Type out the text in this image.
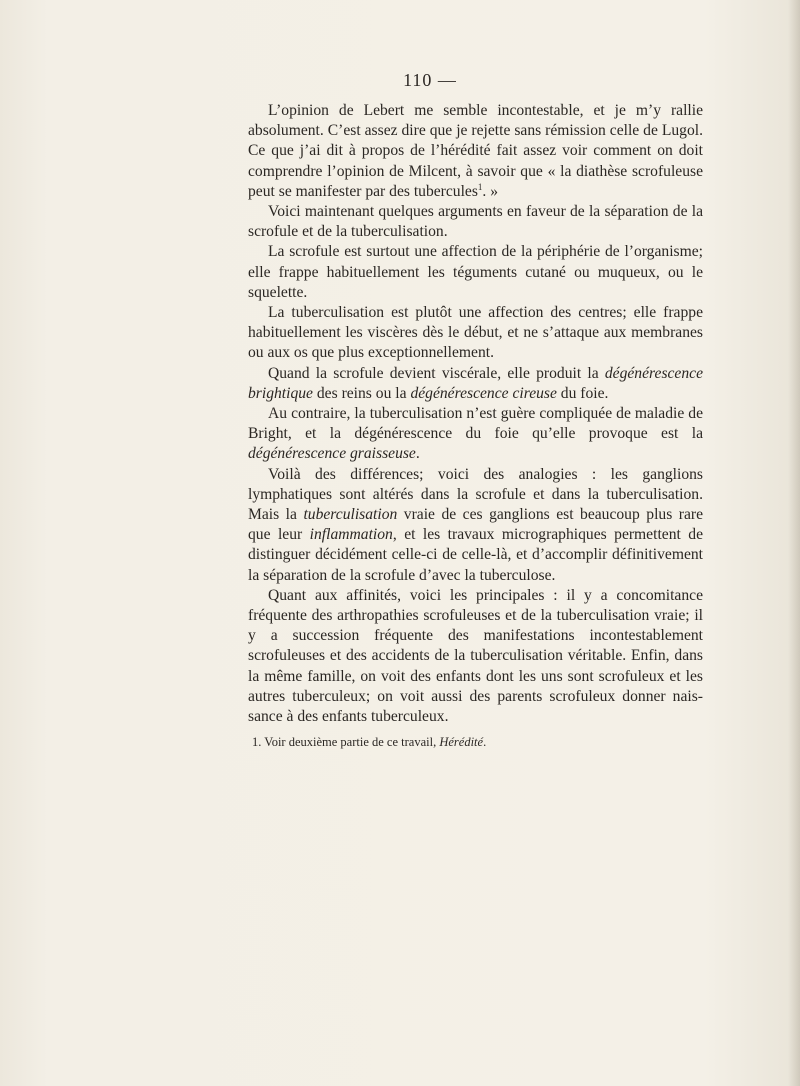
110 —

L’opinion de Lebert me semble incontestable, et je m’y rallie absolument. C’est assez dire que je rejette sans rémission celle de Lugol. Ce que j’ai dit à propos de l’hérédité fait assez voir comment on doit comprendre l’opinion de Milcent, à savoir que « la diathèse scrofuleuse peut se manifester par des tubercules$^1$. »

Voici maintenant quelques arguments en faveur de la séparation de la scrofule et de la tuberculisation.

La scrofule est surtout une affection de la périphérie de l’organisme; elle frappe habituellement les téguments cutané ou muqueux, ou le squelette.

La tuberculisation est plutôt une affection des centres; elle frappe habituellement les viscères dès le début, et ne s’attaque aux membranes ou aux os que plus exceptionnellement.

Quand la scrofule devient viscérale, elle produit la dégénérescence brightique des reins ou la dégénérescence cireuse du foie.

Au contraire, la tuberculisation n’est guère compliquée de maladie de Bright, et la dégénérescence du foie qu’elle provoque est la dégénérescence graisseuse.

Voilà des différences; voici des analogies : les ganglions lymphatiques sont altérés dans la scrofule et dans la tuberculisation. Mais la tuberculisation vraie de ces ganglions est beaucoup plus rare que leur inflammation, et les travaux micrographiques permettent de distinguer décidément celle-ci de celle-là, et d’accomplir définitivement la séparation de la scrofule d’avec la tuberculose.

Quant aux affinités, voici les principales : il y a concomitance fréquente des arthropathies scrofuleuses et de la tuberculisation vraie; il y a succession fréquente des manifestations incontestablement scrofuleuses et des accidents de la tuberculisation véritable. Enfin, dans la même famille, on voit des enfants dont les uns sont scrofuleux et les autres tuberculeux; on voit aussi des parents scrofuleux donner naissance à des enfants tuberculeux.

1. Voir deuxième partie de ce travail, Hérédité.
